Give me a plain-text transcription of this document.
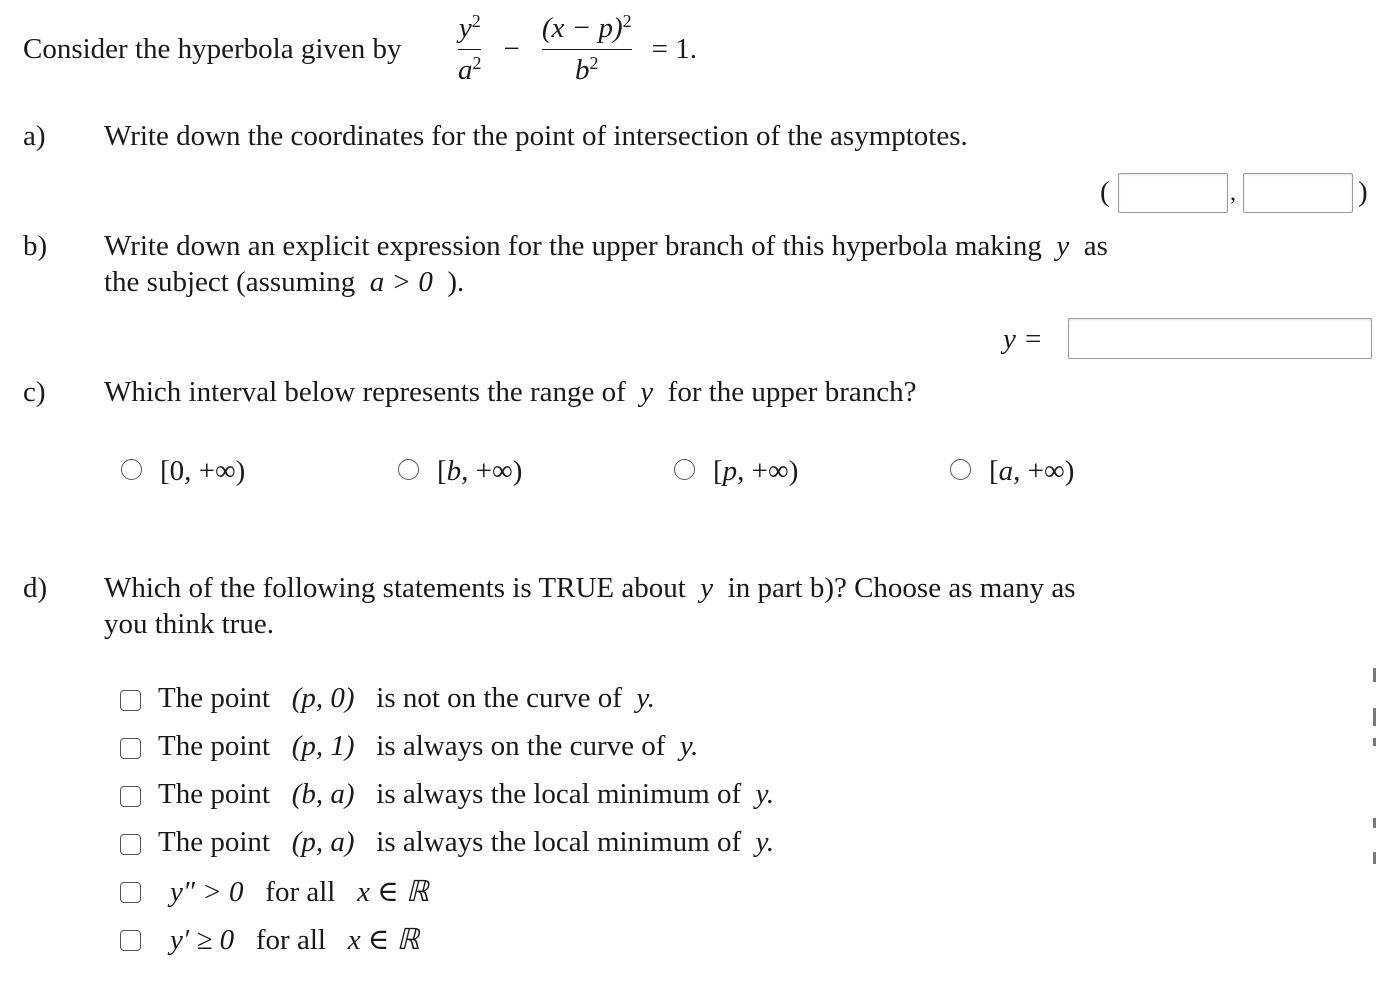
Consider the hyperbola given by $\frac{y^2}{a^2} - \frac{(x - p)^2}{b^2} = 1$.
a) Write down the coordinates for the point of intersection of the asymptotes.
(	,	)
b) Write down an explicit expression for the upper branch of this hyperbola making y as
the subject (assuming a > 0 ).
y =
c) Which interval below represents the range of y for the upper branch?
[0, +∞)	[b, +∞)	[p, +∞)	[a, +∞)
d) Which of the following statements is TRUE about y in part b)? Choose as many as
you think true.
The point (p, 0) is not on the curve of y.
The point (p, 1) is always on the curve of y.
The point (b, a) is always the local minimum of y.
The point (p, a) is always the local minimum of y.
y″ > 0 for all x ∈ ℝ
y′ ≥ 0 for all x ∈ ℝ
